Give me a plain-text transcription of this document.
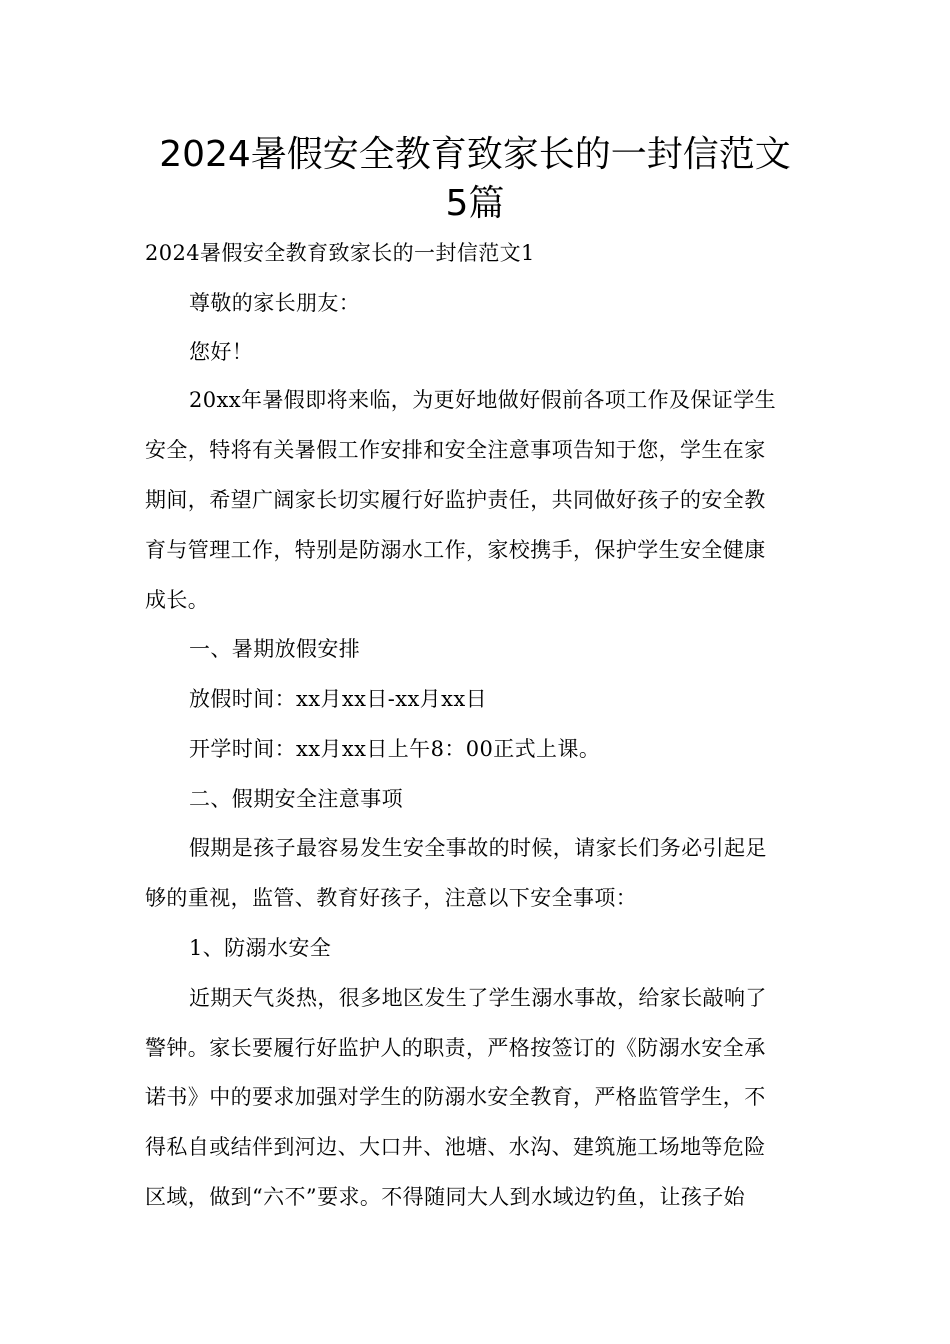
2024暑假安全教育致家长的一封信范文
5篇

2024暑假安全教育致家长的一封信范文1

尊敬的家长朋友：

您好！

20xx年暑假即将来临，为更好地做好假前各项工作及保证学生

安全，特将有关暑假工作安排和安全注意事项告知于您，学生在家

期间，希望广阔家长切实履行好监护责任，共同做好孩子的安全教

育与管理工作，特别是防溺水工作，家校携手，保护学生安全健康

成长。

一、暑期放假安排

放假时间：xx月xx日-xx月xx日

开学时间：xx月xx日上午8：00正式上课。

二、假期安全注意事项

假期是孩子最容易发生安全事故的时候，请家长们务必引起足

够的重视，监管、教育好孩子，注意以下安全事项：

1、防溺水安全

近期天气炎热，很多地区发生了学生溺水事故，给家长敲响了

警钟。家长要履行好监护人的职责，严格按签订的《防溺水安全承

诺书》中的要求加强对学生的防溺水安全教育，严格监管学生，不

得私自或结伴到河边、大口井、池塘、水沟、建筑施工场地等危险

区域，做到“六不”要求。不得随同大人到水域边钓鱼，让孩子始
